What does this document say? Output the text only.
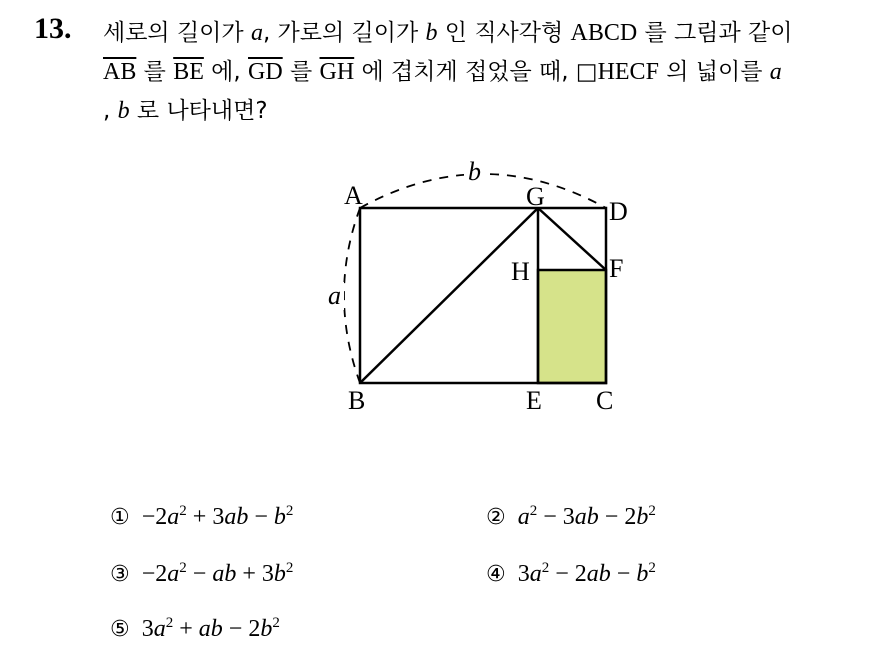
13. 세로의 길이가 a, 가로의 길이가 b 인 직사각형 ABCD 를 그림과 같이
$\overline{AB}$ 를 $\overline{BE}$ 에, $\overline{GD}$ 를 $\overline{GH}$ 에 겹치게 접었을 때, □HECF 의 넓이를 a
, b 로 나타내면?
A
B	C
D
E
F
G
H
a
b
① $-2a^2 + 3ab - b^2$	② $a^2 - 3ab - 2b^2$
③ $-2a^2$ − ab + $3b^2$	④ $3a^2 - 2ab - b^2$
⑤ $3a^2$ + ab − $2b^2$
